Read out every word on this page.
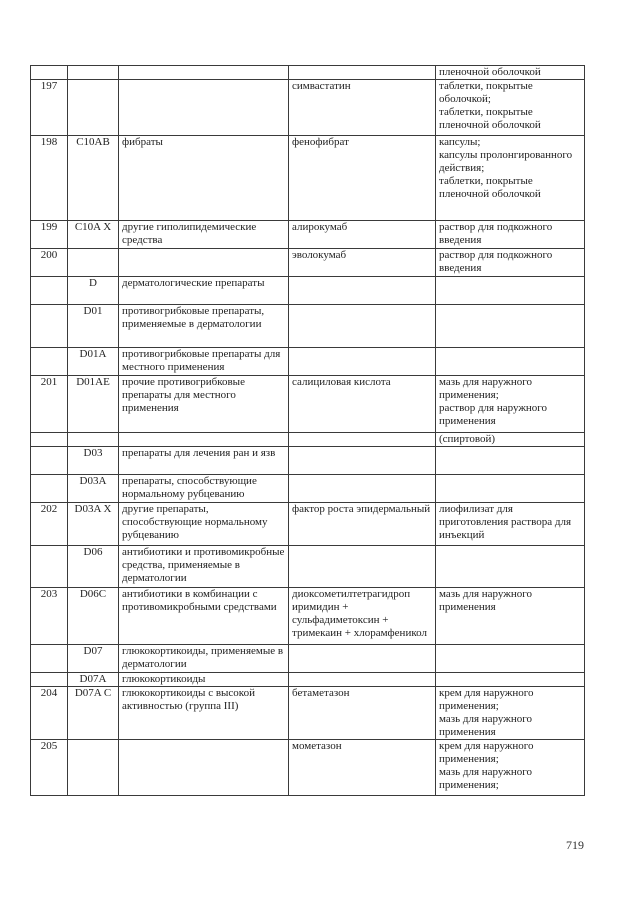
				пленочной оболочкой
197			симвастатин	таблетки, покрытые оболочкой;
таблетки, покрытые пленочной оболочкой
198	C10AB	фибраты	фенофибрат	капсулы;
капсулы пролонгированного действия;
таблетки, покрытые пленочной оболочкой
199	C10A X	другие гиполипидемические средства	алирокумаб	раствор для подкожного введения
200			эволокумаб	раствор для подкожного введения
	D	дерматологические препараты		
	D01	противогрибковые препараты, применяемые в дерматологии		
	D01A	противогрибковые препараты для местного применения		
201	D01AE	прочие противогрибковые препараты для местного применения	салициловая кислота	мазь для наружного применения;
раствор для наружного применения
				(спиртовой)
	D03	препараты для лечения ран и язв		
	D03A	препараты, способствующие нормальному рубцеванию		
202	D03A X	другие препараты, способствующие нормальному рубцеванию	фактор роста эпидермальный	лиофилизат для приготовления раствора для инъекций
	D06	антибиотики и противомикробные средства, применяемые в дерматологии		
203	D06C	антибиотики в комбинации с противомикробными средствами	диоксометилтетрагидроп иримидин + сульфадиметоксин + тримекаин + хлорамфеникол	мазь для наружного применения
	D07	глюкокортикоиды, применяемые в дерматологии		
	D07A	глюкокортикоиды		
204	D07A C	глюкокортикоиды с высокой активностью (группа III)	бетаметазон	крем для наружного применения;
мазь для наружного применения
205			мометазон	крем для наружного применения;
мазь для наружного применения;
719
